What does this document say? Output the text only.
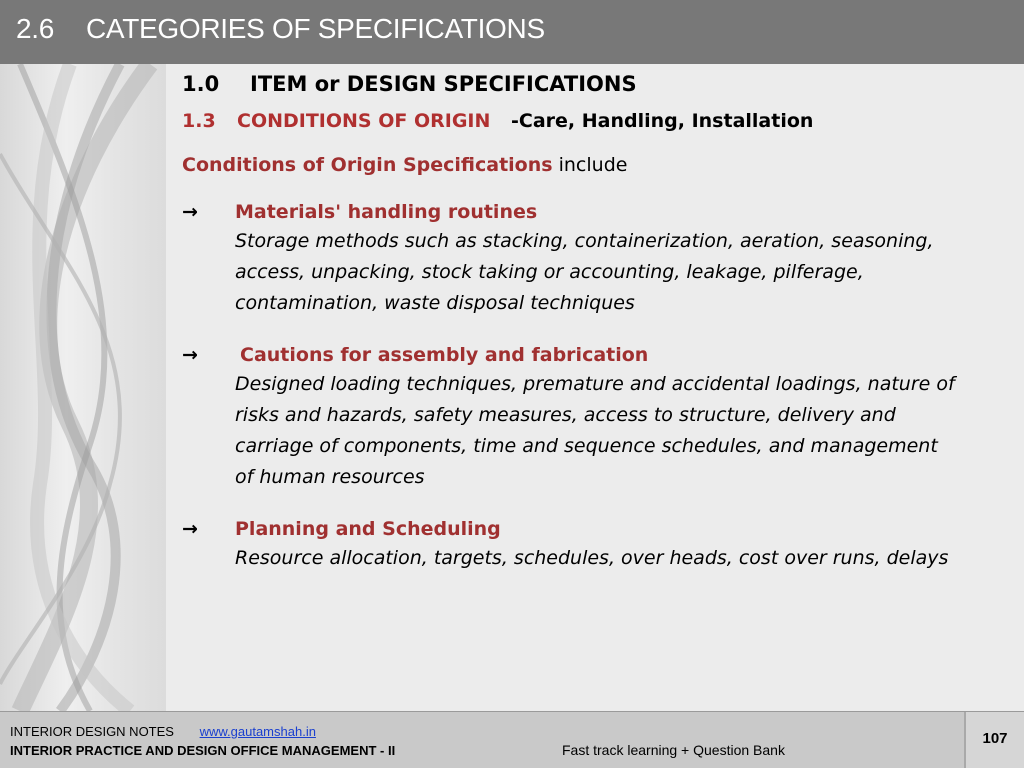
2.6 CATEGORIES OF SPECIFICATIONS
1.0 ITEM or DESIGN SPECIFICATIONS
1.3 CONDITIONS OF ORIGIN -Care, Handling, Installation
Conditions of Origin Specifications include
→ Materials' handling routines
Storage methods such as stacking, containerization, aeration, seasoning, access, unpacking, stock taking or accounting, leakage, pilferage, contamination, waste disposal techniques
→ Cautions for assembly and fabrication
Designed loading techniques, premature and accidental loadings, nature of risks and hazards, safety measures, access to structure, delivery and carriage of components, time and sequence schedules, and management of human resources
→ Planning and Scheduling
Resource allocation, targets, schedules, over heads, cost over runs, delays
INTERIOR DESIGN NOTES www.gautamshah.in
INTERIOR PRACTICE AND DESIGN OFFICE MANAGEMENT - II	Fast track learning + Question Bank
107
